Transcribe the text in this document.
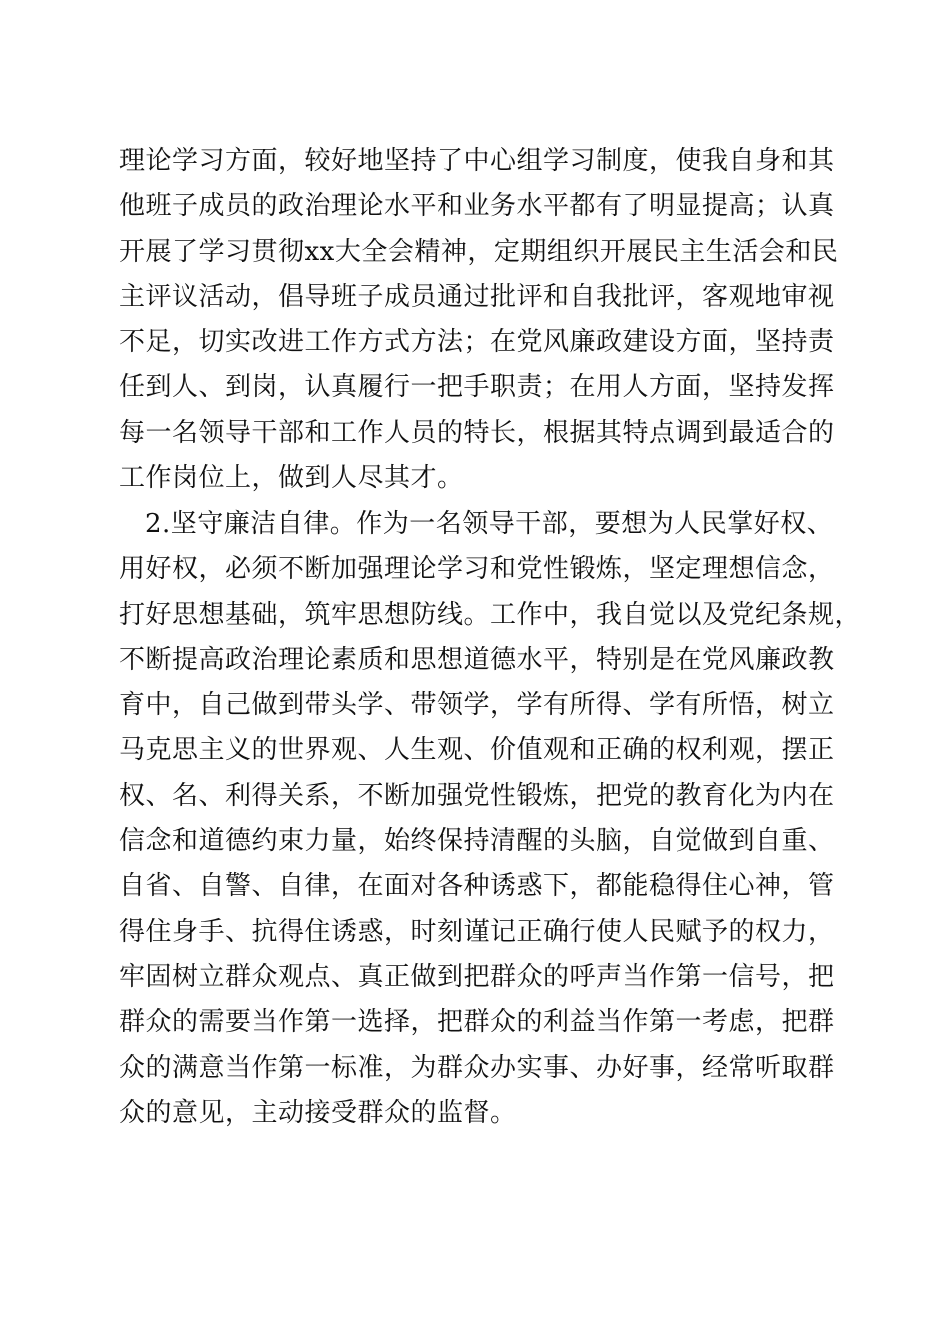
理论学习方面，较好地坚持了中心组学习制度，使我自身和其
他班子成员的政治理论水平和业务水平都有了明显提高；认真
开展了学习贯彻xx大全会精神，定期组织开展民主生活会和民
主评议活动，倡导班子成员通过批评和自我批评，客观地审视
不足，切实改进工作方式方法；在党风廉政建设方面，坚持责
任到人、到岗，认真履行一把手职责；在用人方面，坚持发挥
每一名领导干部和工作人员的特长，根据其特点调到最适合的
工作岗位上，做到人尽其才。
2.坚守廉洁自律。作为一名领导干部，要想为人民掌好权、
用好权，必须不断加强理论学习和党性锻炼，坚定理想信念，
打好思想基础，筑牢思想防线。工作中，我自觉以及党纪条规，
不断提高政治理论素质和思想道德水平，特别是在党风廉政教
育中，自己做到带头学、带领学，学有所得、学有所悟，树立
马克思主义的世界观、人生观、价值观和正确的权利观，摆正
权、名、利得关系，不断加强党性锻炼，把党的教育化为内在
信念和道德约束力量，始终保持清醒的头脑，自觉做到自重、
自省、自警、自律，在面对各种诱惑下，都能稳得住心神，管
得住身手、抗得住诱惑，时刻谨记正确行使人民赋予的权力，
牢固树立群众观点、真正做到把群众的呼声当作第一信号，把
群众的需要当作第一选择，把群众的利益当作第一考虑，把群
众的满意当作第一标准，为群众办实事、办好事，经常听取群
众的意见，主动接受群众的监督。
